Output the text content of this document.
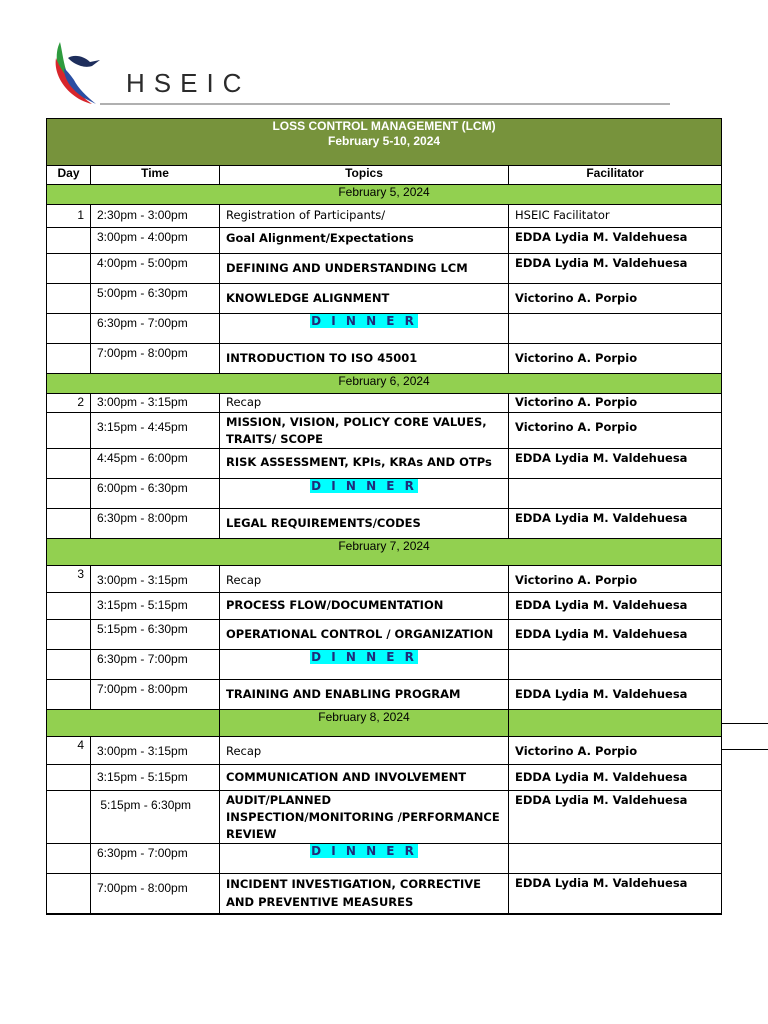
HSEIC
LOSS CONTROL MANAGEMENT (LCM)
February 5-10, 2024			

Day	Time	Topics	Facilitator
February 5, 2024			
1	2:30pm - 3:00pm	Registration of Participants/	HSEIC Facilitator
	3:00pm - 4:00pm	Goal Alignment/Expectations	EDDA Lydia M. Valdehuesa
	4:00pm - 5:00pm	DEFINING AND UNDERSTANDING LCM	EDDA Lydia M. Valdehuesa
	5:00pm - 6:30pm	KNOWLEDGE ALIGNMENT	Victorino A. Porpio

	6:30pm - 7:00pm	D I N N E R	
	7:00pm - 8:00pm	INTRODUCTION TO ISO 45001	Victorino A. Porpio

February 6, 2024			
2	3:00pm - 3:15pm	Recap	Victorino A. Porpio

	3:15pm - 4:45pm	MISSION, VISION, POLICY CORE VALUES, TRAITS/ SCOPE	Victorino A. Porpio

	4:45pm - 6:00pm	RISK ASSESSMENT, KPIs, KRAs AND OTPs	EDDA Lydia M. Valdehuesa
	6:00pm - 6:30pm	D I N N E R	
	6:30pm - 8:00pm	LEGAL REQUIREMENTS/CODES	EDDA Lydia M. Valdehuesa
February 7, 2024			
3	3:00pm - 3:15pm	Recap	Victorino A. Porpio

	3:15pm - 5:15pm	PROCESS FLOW/DOCUMENTATION	EDDA Lydia M. Valdehuesa

	5:15pm - 6:30pm	OPERATIONAL CONTROL / ORGANIZATION	EDDA Lydia M. Valdehuesa

	6:30pm - 7:00pm	D I N N E R	
	7:00pm - 8:00pm	TRAINING AND ENABLING PROGRAM	EDDA Lydia M. Valdehuesa

		February 8, 2024	
4	3:00pm - 3:15pm	Recap	Victorino A. Porpio

	3:15pm - 5:15pm	COMMUNICATION AND INVOLVEMENT	EDDA Lydia M. Valdehuesa

	5:15pm - 6:30pm	AUDIT/PLANNED INSPECTION/MONITORING /PERFORMANCE REVIEW	EDDA Lydia M. Valdehuesa
	6:30pm - 7:00pm	D I N N E R	

	7:00pm - 8:00pm	INCIDENT INVESTIGATION, CORRECTIVE AND PREVENTIVE MEASURES	EDDA Lydia M. Valdehuesa
